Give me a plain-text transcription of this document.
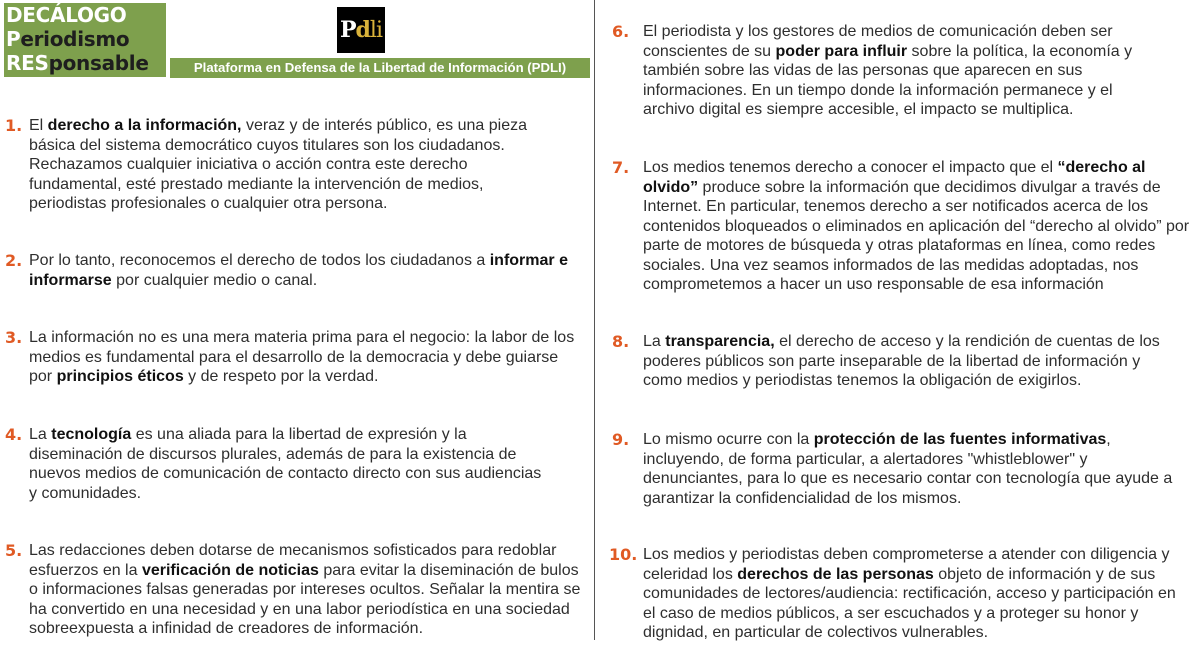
DECÁLOGO
Periodismo
RESponsable
P d li
Plataforma en Defensa de la Libertad de Información (PDLI)
1. El derecho a la información, veraz y de interés público, es una pieza básica del sistema democrático cuyos titulares son los ciudadanos. Rechazamos cualquier iniciativa o acción contra este derecho fundamental, esté prestado mediante la intervención de medios, periodistas profesionales o cualquier otra persona.
2. Por lo tanto, reconocemos el derecho de todos los ciudadanos a informar e informarse por cualquier medio o canal.
3. La información no es una mera materia prima para el negocio: la labor de los medios es fundamental para el desarrollo de la democracia y debe guiarse por principios éticos y de respeto por la verdad.
4. La tecnología es una aliada para la libertad de expresión y la diseminación de discursos plurales, además de para la existencia de nuevos medios de comunicación de contacto directo con sus audiencias y comunidades.
5. Las redacciones deben dotarse de mecanismos sofisticados para redoblar esfuerzos en la verificación de noticias para evitar la diseminación de bulos o informaciones falsas generadas por intereses ocultos. Señalar la mentira se ha convertido en una necesidad y en una labor periodística en una sociedad sobreexpuesta a infinidad de creadores de información.
6. El periodista y los gestores de medios de comunicación deben ser conscientes de su poder para influir sobre la política, la economía y también sobre las vidas de las personas que aparecen en sus informaciones. En un tiempo donde la información permanece y el archivo digital es siempre accesible, el impacto se multiplica.
7. Los medios tenemos derecho a conocer el impacto que el “derecho al olvido” produce sobre la información que decidimos divulgar a través de Internet. En particular, tenemos derecho a ser notificados acerca de los contenidos bloqueados o eliminados en aplicación del “derecho al olvido” por parte de motores de búsqueda y otras plataformas en línea, como redes sociales. Una vez seamos informados de las medidas adoptadas, nos comprometemos a hacer un uso responsable de esa información
8. La transparencia, el derecho de acceso y la rendición de cuentas de los poderes públicos son parte inseparable de la libertad de información y como medios y periodistas tenemos la obligación de exigirlos.
9. Lo mismo ocurre con la protección de las fuentes informativas, incluyendo, de forma particular, a alertadores "whistleblower" y denunciantes, para lo que es necesario contar con tecnología que ayude a garantizar la confidencialidad de los mismos.
10. Los medios y periodistas deben comprometerse a atender con diligencia y celeridad los derechos de las personas objeto de información y de sus comunidades de lectores/audiencia: rectificación, acceso y participación en el caso de medios públicos, a ser escuchados y a proteger su honor y dignidad, en particular de colectivos vulnerables.
